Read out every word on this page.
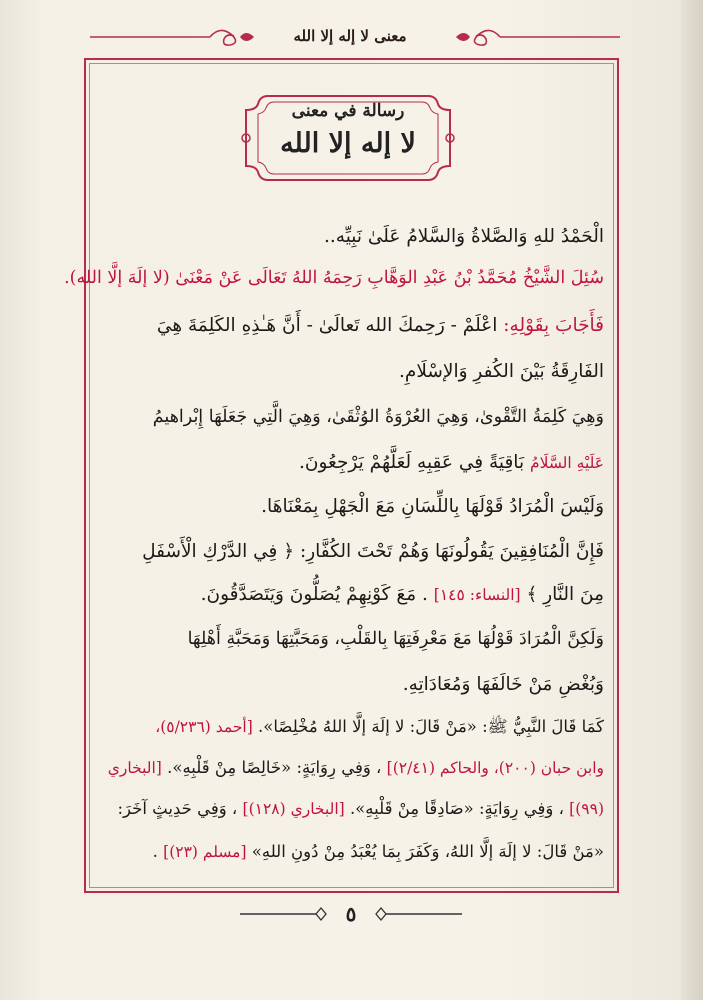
معنى لا إله إلا الله
رسالة في معنى
لا إله إلا الله
الْحَمْدُ للهِ وَالصَّلاةُ وَالسَّلامُ عَلَىٰ نَبِيِّه..
سُئِلَ الشَّيْخُ مُحَمَّدُ بْنُ عَبْدِ الوَهَّابِ رَحِمَهُ اللهُ تَعَالَى عَنْ مَعْنَىٰ (لا إلَهَ إلَّا الله).
فَأَجَابَ بِقَوْلِهِ: اعْلَمْ - رَحِمكَ الله تَعالَىٰ - أَنَّ هَـٰذِهِ الكَلِمَةَ هِيَ
الفَارِقَةُ بَيْنَ الكُفرِ وَالإسْلَامِ.
وَهِيَ كَلِمَةُ التَّقْوىٰ، وَهِيَ العُرْوَةُ الوُثْقَىٰ، وَهِيَ الَّتِي جَعَلَهَا إِبْراهيمُ
عَلَيْهِ السَّلَامُ بَاقِيَةً فِي عَقِبِهِ لَعَلَّهُمْ يَرْجِعُونَ.
وَلَيْسَ الْمُرَادُ قَوْلَهَا بِاللِّسَانِ مَعَ الْجَهْلِ بِمَعْنَاهَا.
فَإِنَّ الْمُنَافِقِينَ يَقُولُونَهَا وَهُمْ تَحْتَ الكُفَّارِ: ﴿ فِي الدَّرْكِ الْأَسْفَلِ
مِنَ النَّارِ ﴾ [النساء: ١٤٥] . مَعَ كَوْنِهِمْ يُصَلُّونَ وَيَتَصَدَّقُونَ.
وَلَكِنَّ الْمُرَادَ قَوْلُهَا مَعَ مَعْرِفَتِهَا بِالقَلْبِ، وَمَحَبَّتِهَا وَمَحَبَّةِ أَهْلِهَا
وَبُغْضِ مَنْ خَالَفَهَا وَمُعَادَاتِهِ.
كَمَا قَالَ النَّبِيُّ ﷺ: «مَنْ قَالَ: لا إلَهَ إلَّا اللهُ مُخْلِصًا». [أحمد (٥/٢٣٦)،
وابن حبان (٢٠٠)، والحاكم (٢/٤١)] ، وَفِي رِوَايَةٍ: «خَالِصًا مِنْ قَلْبِهِ». [البخاري
(٩٩)] ، وَفِي رِوَايَةٍ: «صَادِقًا مِنْ قَلْبِهِ». [البخاري (١٢٨)] ، وَفِي حَدِيثٍ آخَرَ:
«مَنْ قَالَ: لا إلَهَ إلَّا اللهُ، وَكَفَرَ بِمَا يُعْبَدُ مِنْ دُونِ اللهِ» [مسلم (٢٣)] .
٥
